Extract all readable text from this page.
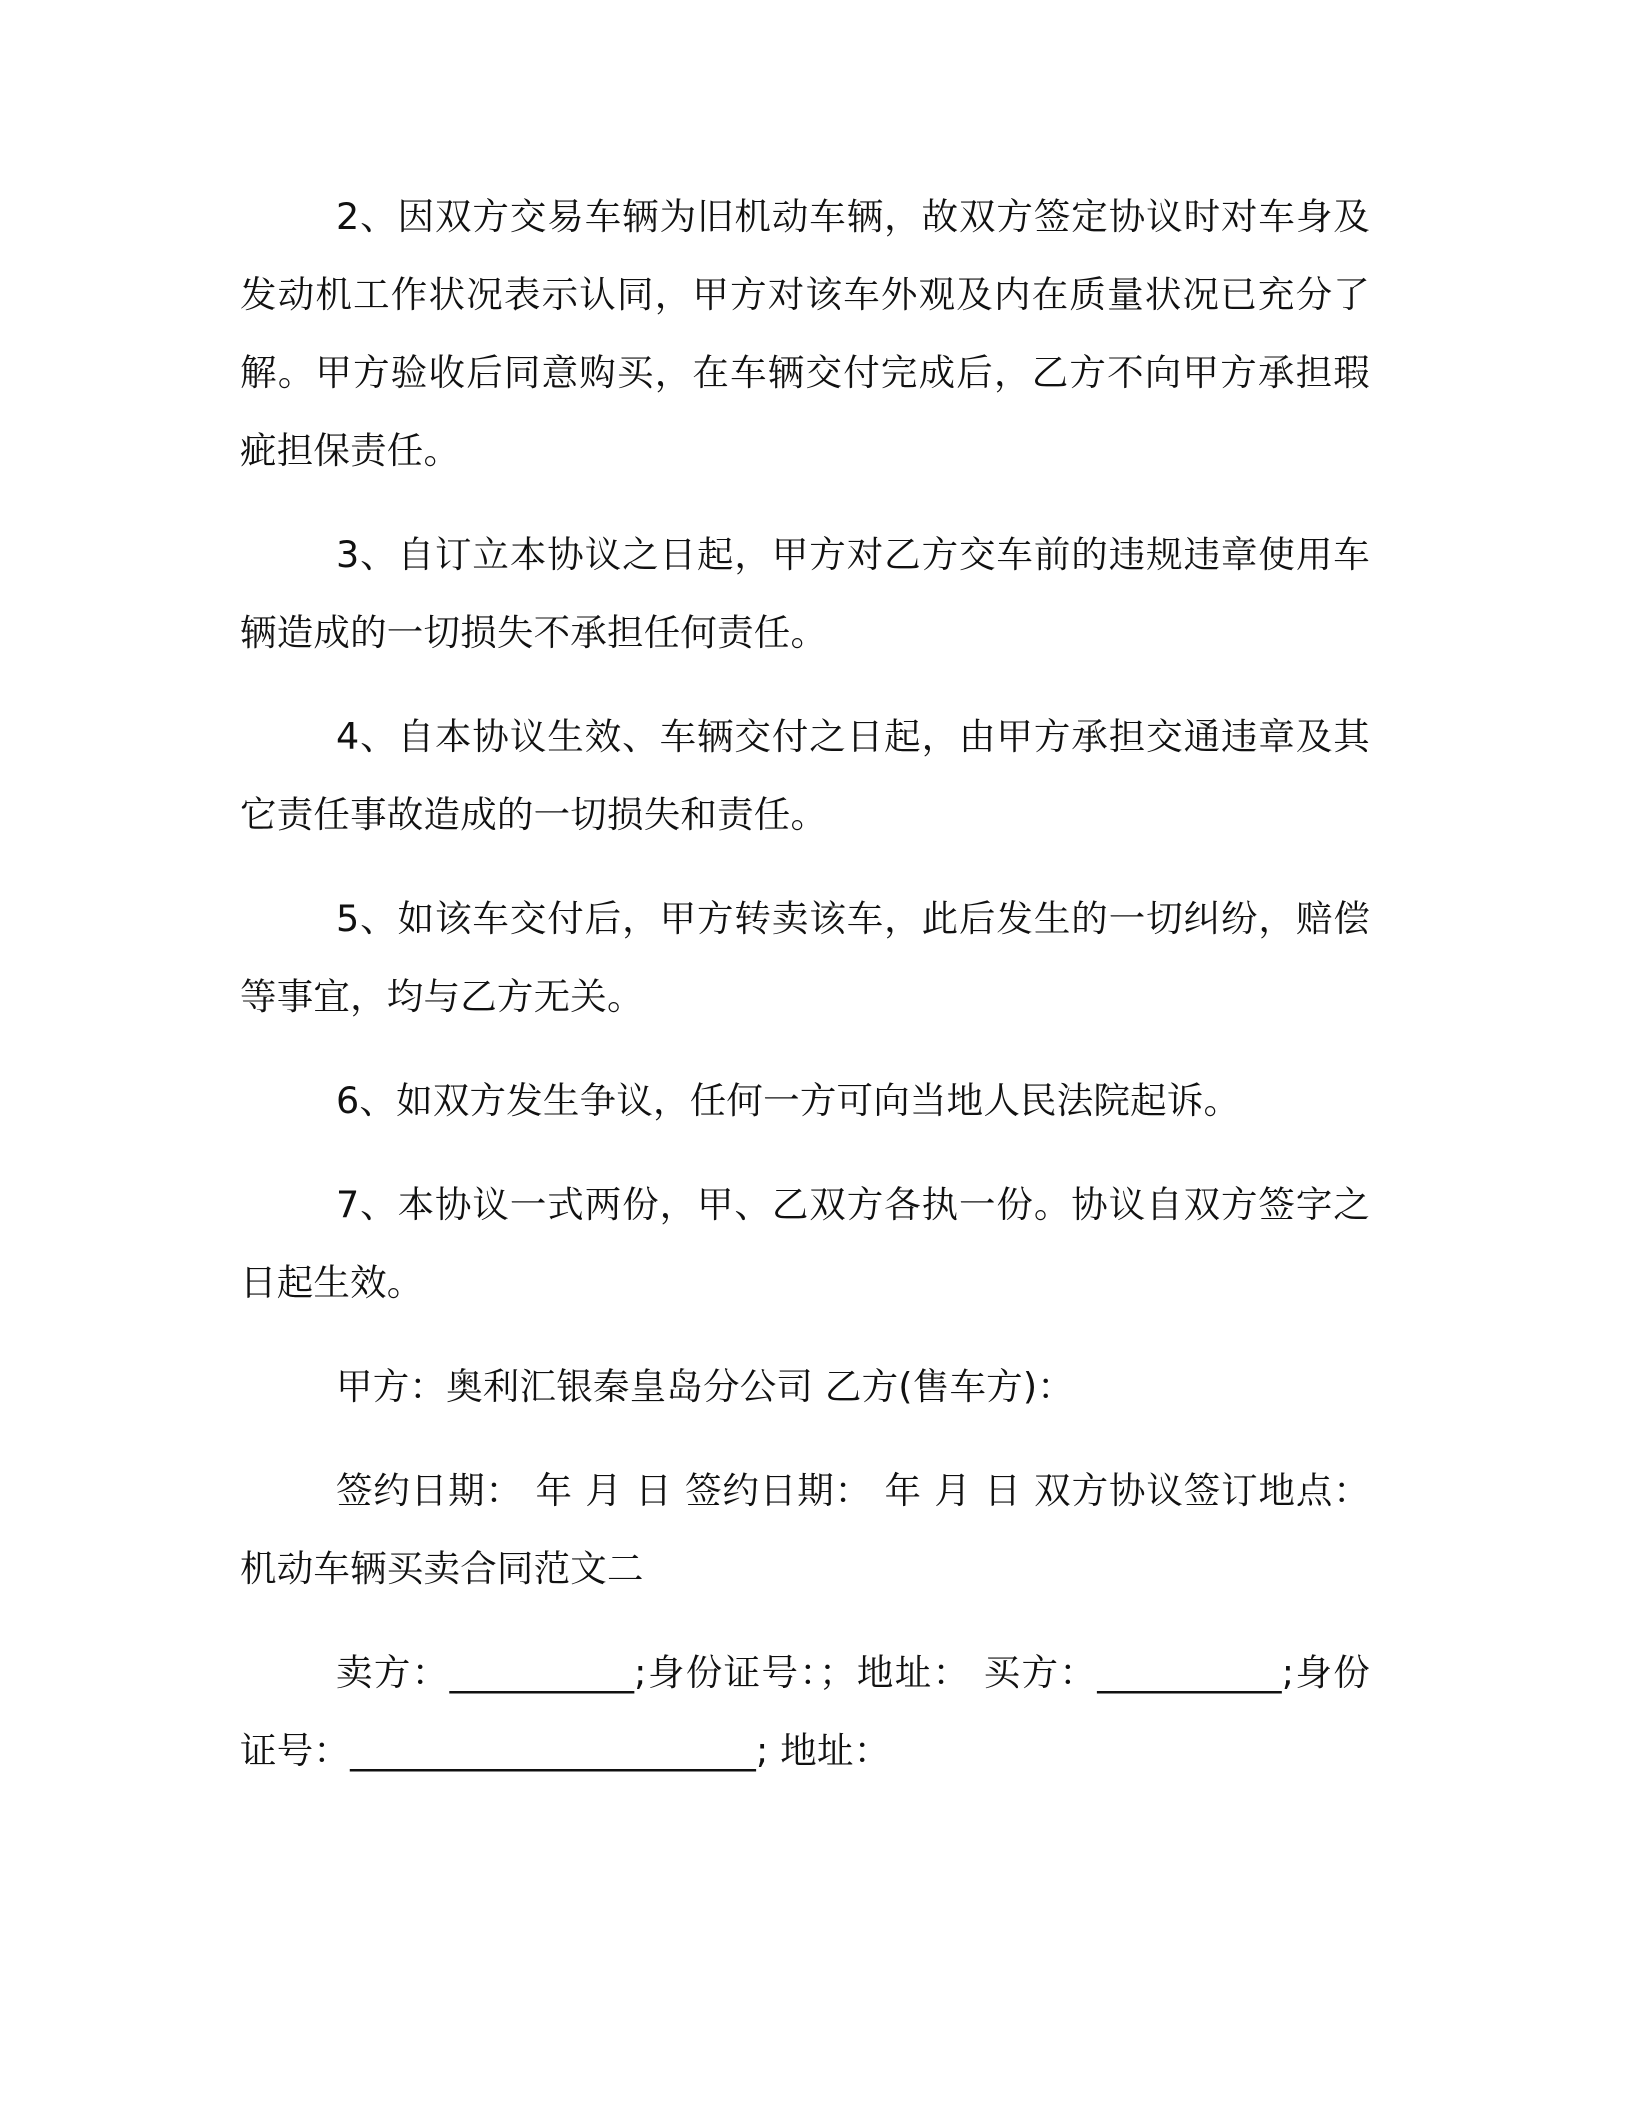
2、因双方交易车辆为旧机动车辆，故双方签定协议时对车身及发动机工作状况表示认同，甲方对该车外观及内在质量状况已充分了解。甲方验收后同意购买，在车辆交付完成后，乙方不向甲方承担瑕疵担保责任。

3、自订立本协议之日起，甲方对乙方交车前的违规违章使用车辆造成的一切损失不承担任何责任。

4、自本协议生效、车辆交付之日起，由甲方承担交通违章及其它责任事故造成的一切损失和责任。

5、如该车交付后，甲方转卖该车，此后发生的一切纠纷，赔偿等事宜，均与乙方无关。

6、如双方发生争议，任何一方可向当地人民法院起诉。

7、本协议一式两份，甲、乙双方各执一份。协议自双方签字之日起生效。

甲方：奥利汇银秦皇岛分公司 乙方(售车方)：

签约日期： 年 月 日 签约日期： 年 月 日 双方协议签订地点：机动车辆买卖合同范文二

卖方：__________;身份证号：；地址： 买方：__________;身份证号：______________________; 地址：
